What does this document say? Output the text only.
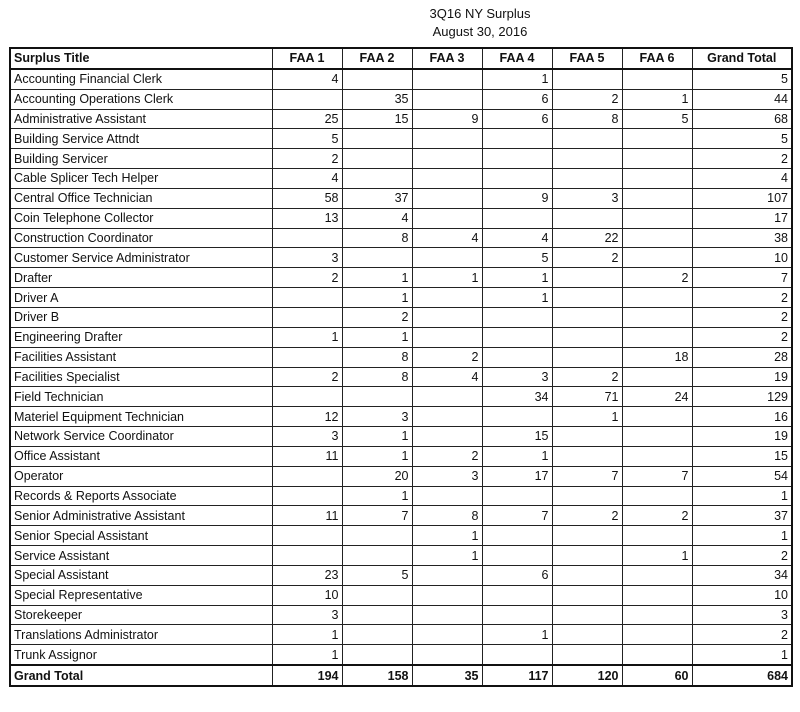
3Q16 NY Surplus
August 30, 2016
Surplus Title	FAA 1	FAA 2	FAA 3	FAA 4	FAA 5	FAA 6	Grand Total
Accounting Financial Clerk	4			1			5
Accounting Operations Clerk		35		6	2	1	44
Administrative Assistant	25	15	9	6	8	5	68
Building Service Attndt	5						5
Building Servicer	2						2
Cable Splicer Tech Helper	4						4
Central Office Technician	58	37		9	3		107
Coin Telephone Collector	13	4					17
Construction Coordinator		8	4	4	22		38
Customer Service Administrator	3			5	2		10
Drafter	2	1	1	1		2	7
Driver A		1		1			2
Driver B		2					2
Engineering Drafter	1	1					2
Facilities Assistant		8	2			18	28
Facilities Specialist	2	8	4	3	2		19
Field Technician				34	71	24	129
Materiel Equipment Technician	12	3			1		16
Network Service Coordinator	3	1		15			19
Office Assistant	11	1	2	1			15
Operator		20	3	17	7	7	54
Records & Reports Associate		1					1
Senior Administrative Assistant	11	7	8	7	2	2	37
Senior Special Assistant			1				1
Service Assistant			1			1	2
Special Assistant	23	5		6			34
Special Representative	10						10
Storekeeper	3						3
Translations Administrator	1			1			2
Trunk Assignor	1						1
Grand Total	194	158	35	117	120	60	684
